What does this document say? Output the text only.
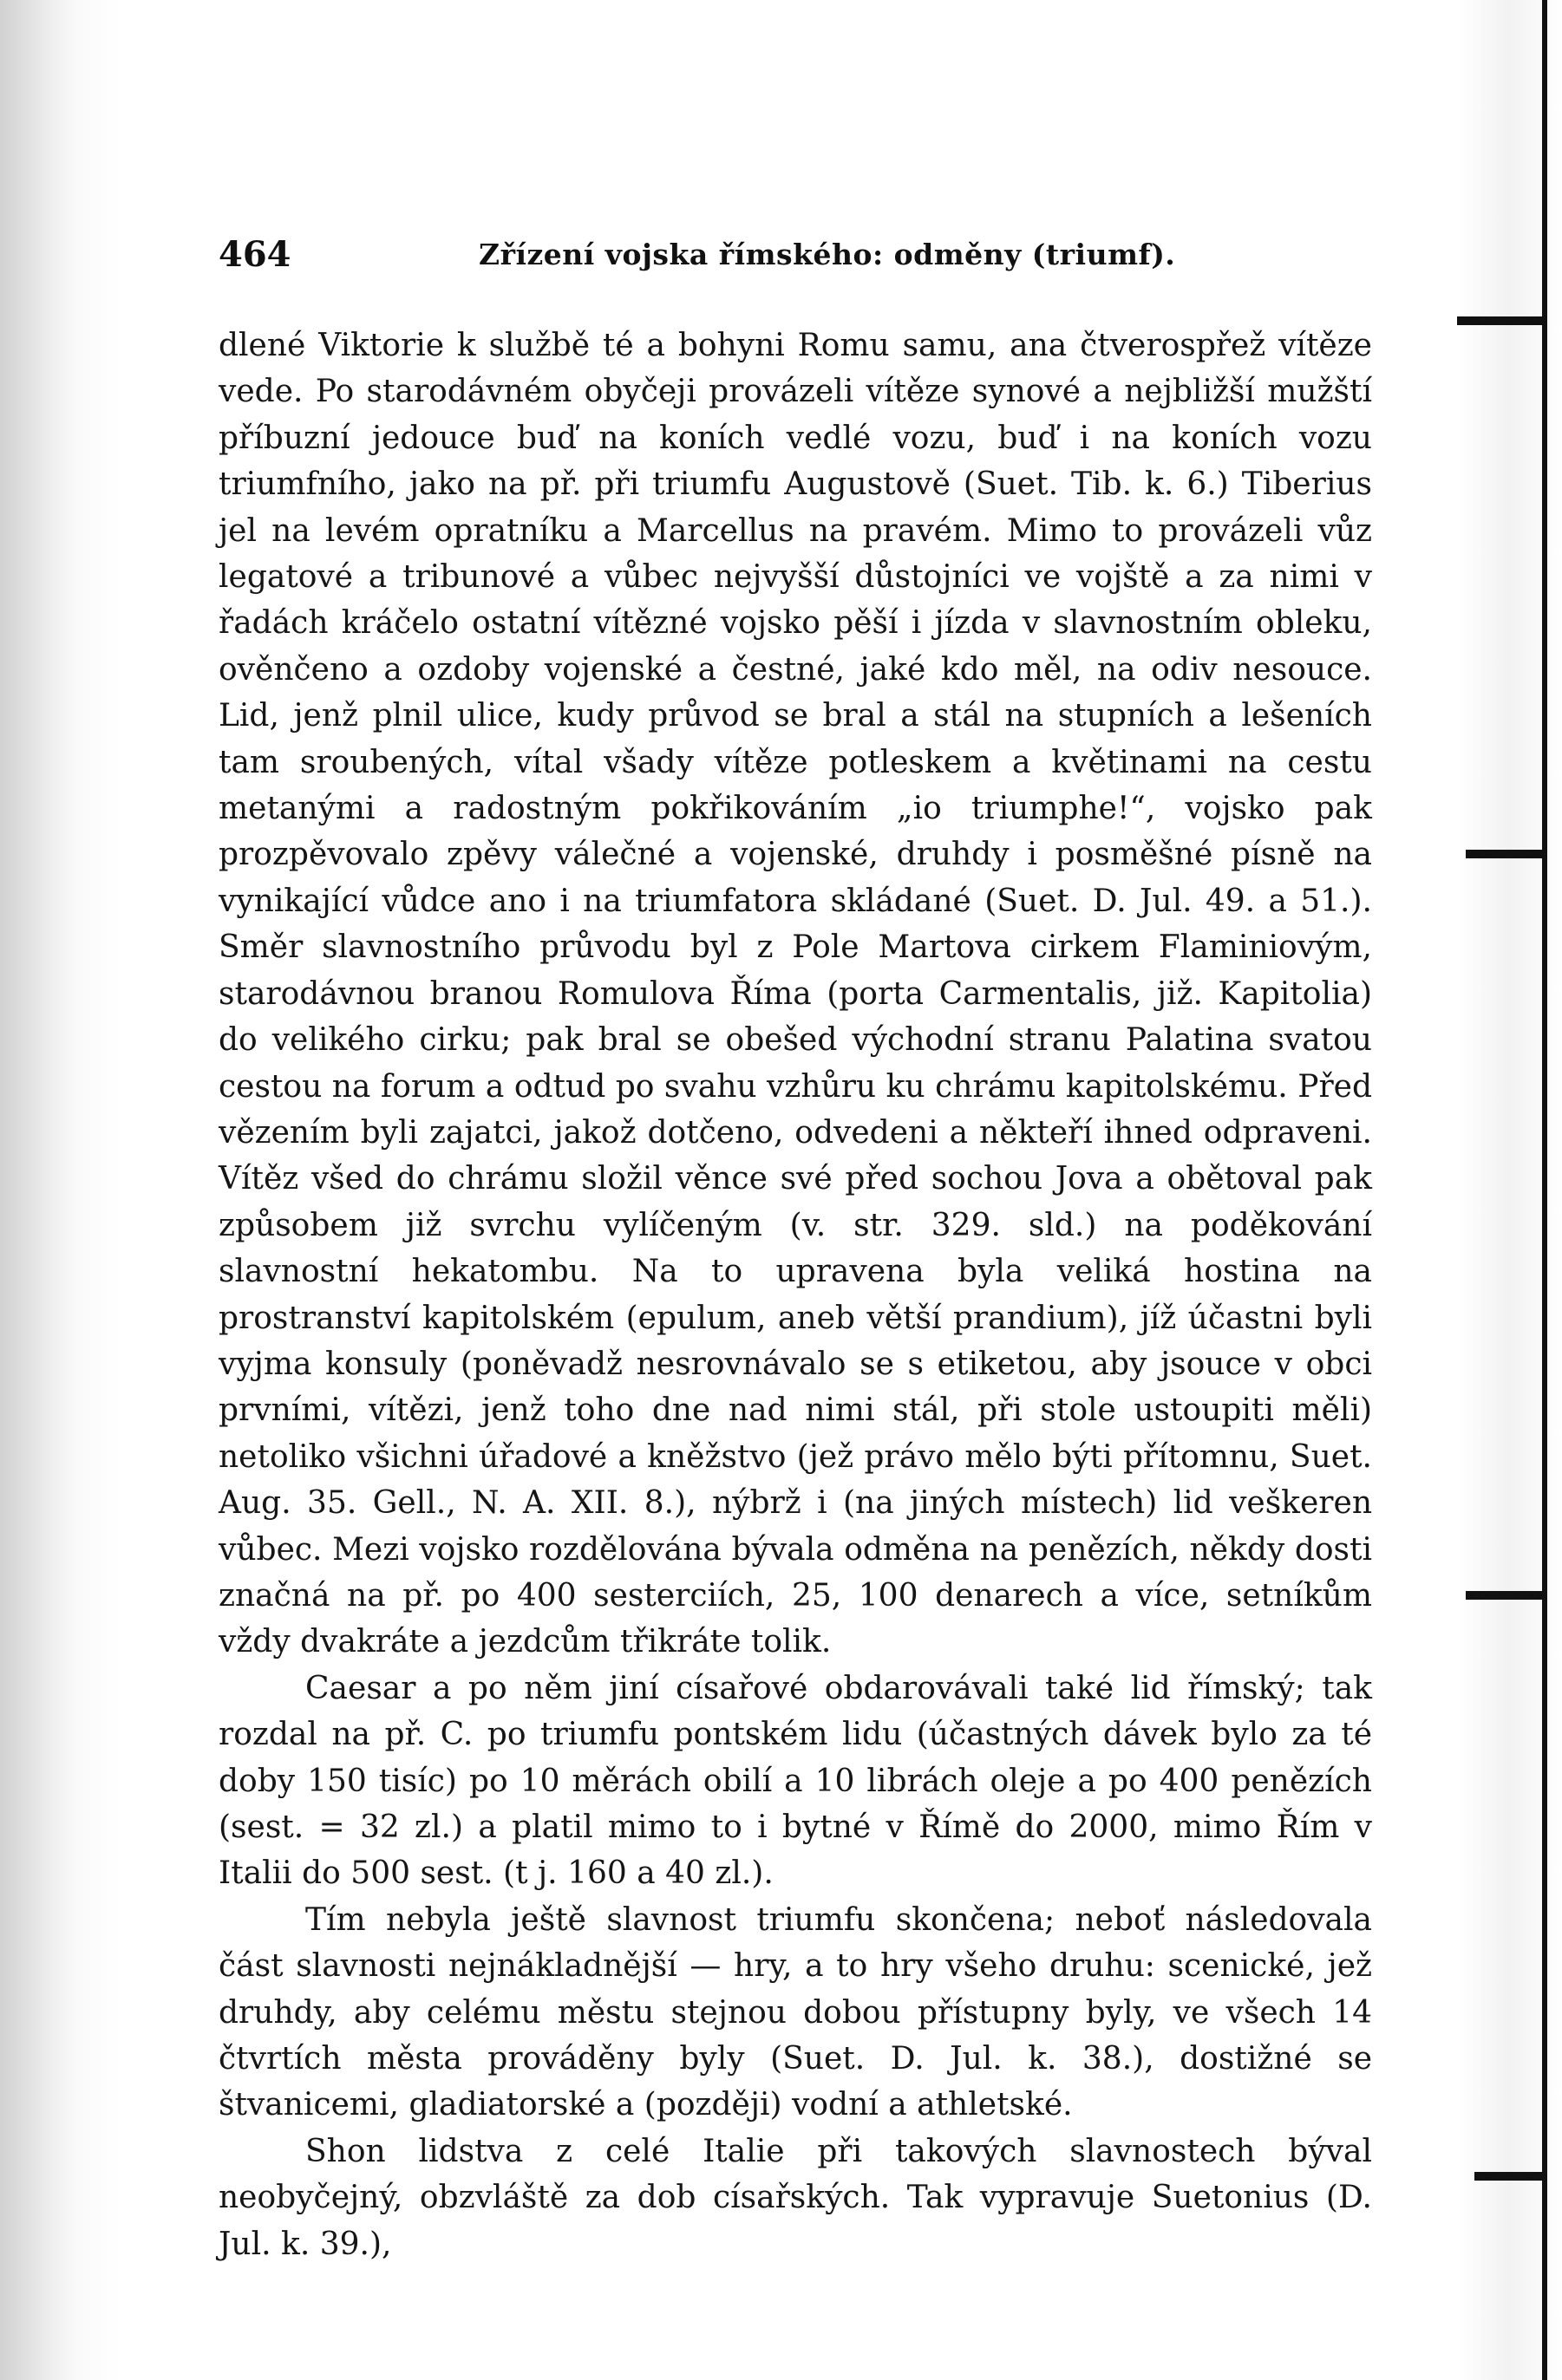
464	Zřízení vojska římského: odměny (triumf).

dlené Viktorie k službě té a bohyni Romu samu, ana čtverospřež vítěze vede. Po starodávném obyčeji provázeli vítěze synové a nejbližší mužští příbuzní jedouce buď na koních vedlé vozu, buď i na koních vozu triumfního, jako na př. při triumfu Augustově (Suet. Tib. k. 6.) Tiberius jel na levém opratníku a Marcellus na pravém. Mimo to provázeli vůz legatové a tribunové a vůbec nejvyšší důstojníci ve vojště a za nimi v řadách kráčelo ostatní vítězné vojsko pěší i jízda v slavnostním obleku, ověnčeno a ozdoby vojenské a čestné, jaké kdo měl, na odiv nesouce. Lid, jenž plnil ulice, kudy průvod se bral a stál na stupních a lešeních tam sroubených, vítal všady vítěze potleskem a květinami na cestu metanými a radostným pokřikováním „io triumphe!“, vojsko pak prozpěvovalo zpěvy válečné a vojenské, druhdy i posměšné písně na vynikající vůdce ano i na triumfatora skládané (Suet. D. Jul. 49. a 51.). Směr slavnostního průvodu byl z Pole Martova cirkem Flaminiovým, starodávnou branou Romulova Říma (porta Carmentalis, již. Kapitolia) do velikého cirku; pak bral se obešed východní stranu Palatina svatou cestou na forum a odtud po svahu vzhůru ku chrámu kapitolskému. Před vězením byli zajatci, jakož dotčeno, odvedeni a někteří ihned odpraveni. Vítěz všed do chrámu složil věnce své před sochou Jova a obětoval pak způsobem již svrchu vylíčeným (v. str. 329. sld.) na poděkování slavnostní hekatombu. Na to upravena byla veliká hostina na prostranství kapitolském (epulum, aneb větší prandium), jíž účastni byli vyjma konsuly (poněvadž nesrovnávalo se s etiketou, aby jsouce v obci prvními, vítězi, jenž toho dne nad nimi stál, při stole ustoupiti měli) netoliko všichni úřadové a kněžstvo (jež právo mělo býti přítomnu, Suet. Aug. 35. Gell., N. A. XII. 8.), nýbrž i (na jiných místech) lid veškeren vůbec. Mezi vojsko rozdělována bývala odměna na penězích, někdy dosti značná na př. po 400 sesterciích, 25, 100 denarech a více, setníkům vždy dvakráte a jezdcům třikráte tolik.

Caesar a po něm jiní císařové obdarovávali také lid římský; tak rozdal na př. C. po triumfu pontském lidu (účastných dávek bylo za té doby 150 tisíc) po 10 měrách obilí a 10 librách oleje a po 400 penězích (sest. = 32 zl.) a platil mimo to i bytné v Římě do 2000, mimo Řím v Italii do 500 sest. (t j. 160 a 40 zl.).

Tím nebyla ještě slavnost triumfu skončena; neboť následovala část slavnosti nejnákladnější — hry, a to hry všeho druhu: scenické, jež druhdy, aby celému městu stejnou dobou přístupny byly, ve všech 14 čtvrtích města prováděny byly (Suet. D. Jul. k. 38.), dostižné se štvanicemi, gladiatorské a (později) vodní a athletské.

Shon lidstva z celé Italie při takových slavnostech býval neobyčejný, obzvláště za dob císařských. Tak vypravuje Suetonius (D. Jul. k. 39.),
